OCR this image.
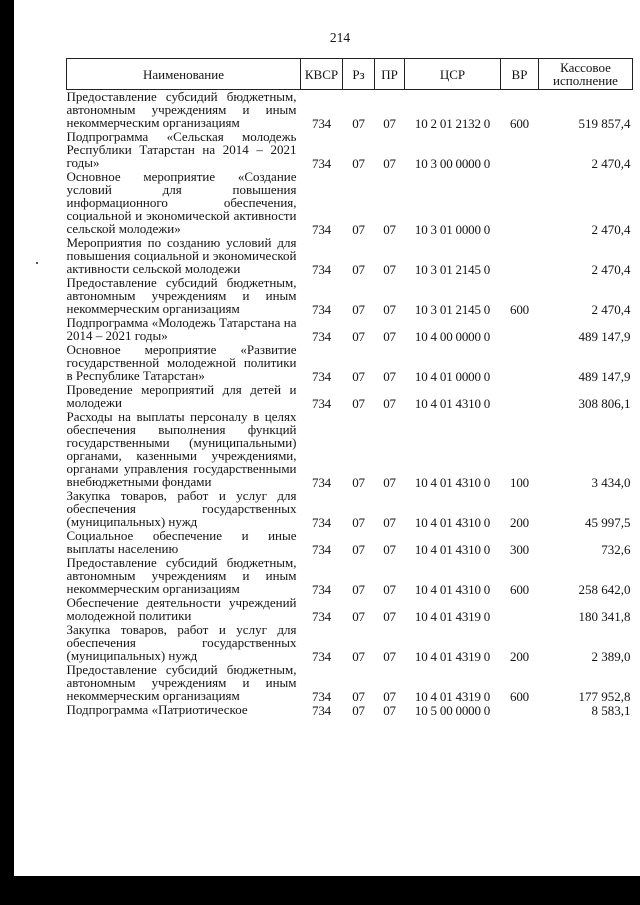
214
Наименование	КВСР	Рз	ПР	ЦСР	ВР	Кассовое исполнение
Предоставление субсидий бюджетным, автономным учреждениям и иным некоммерческим организациям	734	07	07	10 2 01 2132 0	600	519 857,4
Подпрограмма «Сельская молодежь Республики Татарстан на 2014 – 2021 годы»	734	07	07	10 3 00 0000 0		2 470,4
Основное мероприятие «Создание условий для повышения информационного обеспечения, социальной и экономической активности сельской молодежи»	734	07	07	10 3 01 0000 0		2 470,4
Мероприятия по созданию условий для повышения социальной и экономической активности сельской молодежи	734	07	07	10 3 01 2145 0		2 470,4
Предоставление субсидий бюджетным, автономным учреждениям и иным некоммерческим организациям	734	07	07	10 3 01 2145 0	600	2 470,4
Подпрограмма «Молодежь Татарстана на 2014 – 2021 годы»	734	07	07	10 4 00 0000 0		489 147,9
Основное мероприятие «Развитие государственной молодежной политики в Республике Татарстан»	734	07	07	10 4 01 0000 0		489 147,9
Проведение мероприятий для детей и молодежи	734	07	07	10 4 01 4310 0		308 806,1
Расходы на выплаты персоналу в целях обеспечения выполнения функций государственными (муниципальными) органами, казенными учреждениями, органами управления государственными внебюджетными фондами	734	07	07	10 4 01 4310 0	100	3 434,0
Закупка товаров, работ и услуг для обеспечения государственных (муниципальных) нужд	734	07	07	10 4 01 4310 0	200	45 997,5
Социальное обеспечение и иные выплаты населению	734	07	07	10 4 01 4310 0	300	732,6
Предоставление субсидий бюджетным, автономным учреждениям и иным некоммерческим организациям	734	07	07	10 4 01 4310 0	600	258 642,0
Обеспечение деятельности учреждений молодежной политики	734	07	07	10 4 01 4319 0		180 341,8
Закупка товаров, работ и услуг для обеспечения государственных (муниципальных) нужд	734	07	07	10 4 01 4319 0	200	2 389,0
Предоставление субсидий бюджетным, автономным учреждениям и иным некоммерческим организациям	734	07	07	10 4 01 4319 0	600	177 952,8
Подпрограмма «Патриотическое	734	07	07	10 5 00 0000 0		8 583,1
